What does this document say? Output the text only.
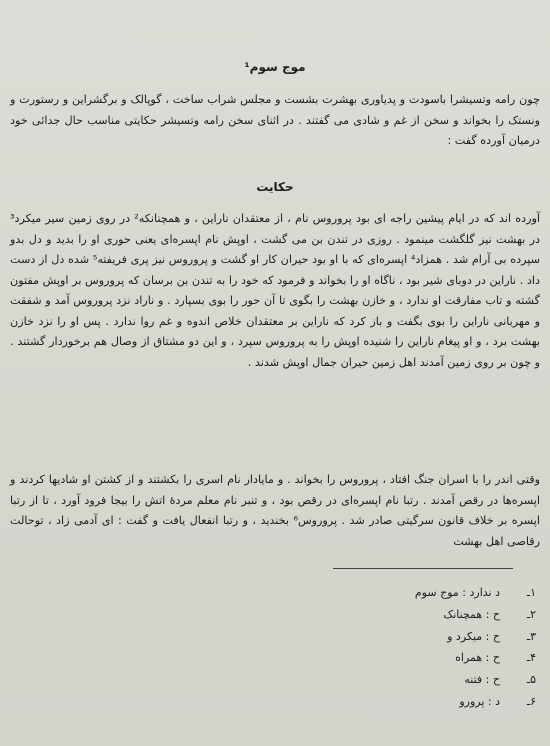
موج سوم¹

چون رامه وتسیشرا باسودت و پدیاوری بهشرت بشست و مجلس شراب ساخت ، گوپالک و برگشراین و رستورت و ونستک را بخواند و سخن از غم و شادی می گفتند . در اثنای سخن رامه وتسیشر حکایتی مناسب حال جدائی خود درمیان آورده گفت :

حکایت

آورده اند که در ایام پیشین راجه ای بود پروروس نام ، از معتقدان ناراین ، و همچنانکه² در روی زمین سیر میکرد³ در بهشت نیز گلگشت مینمود . روزی در تندن بن می گشت ، اوپش نام اپسره‌ای یعنی حوری او را بدید و دل بدو سپرده بی آرام شد . همزاد⁴ اپسره‌ای که با او بود حیران کار او گشت و پروروس نیز پری فریفته⁵ شده دل از دست داد . ناراین در دوبای شیر بود ، ناگاه او را بخواند و فرمود که خود را به تندن بن برسان که پروروس بر اوپش مفتون گشته و تاب مفارقت او ندارد ، و خازن بهشت را بگوی تا آن حور را بوی بسپارد . و ناراد نزد پروروس آمد و شفقت و مهربانی ناراین را بوی بگفت و باز کرد که ناراین بر معتقدان خلاص اندوه و غم روا ندارد . پس او را نزد خازن بهشت برد ، و او پیغام ناراین را شنیده اوپش را به پروروس سپرد ، و این دو مشتاق از وصال هم برخوردار گشتند . و چون بر روی زمین آمدند اهل زمین حیران جمال اوپش شدند .

وقتی اندر را با اسران جنگ افتاد ، پروروس را بخواند . و مایادار نام اسری را بکشتند و از کشتن او شادیها کردند و اپسره‌ها در رقص آمدند . رتبا نام اپسره‌ای در رقص بود ، و تنبر نام معلم مردهٔ اتش را بیجا فرود آورد ، تا از رتبا اپسره بر خلاف قانون سرگیتی صادر شد . پروروس⁶ بخندید ، و رتبا انفعال یافت و گفت : ای آدمی زاد ، توحالت رقاصی اهل بهشت

۱ـد ندارد : موج سوم
۲ـح : همچنانک
۳ـح : میکرد و
۴ـح : همراه
۵ـح : فتنه
۶ـد : پرورو
